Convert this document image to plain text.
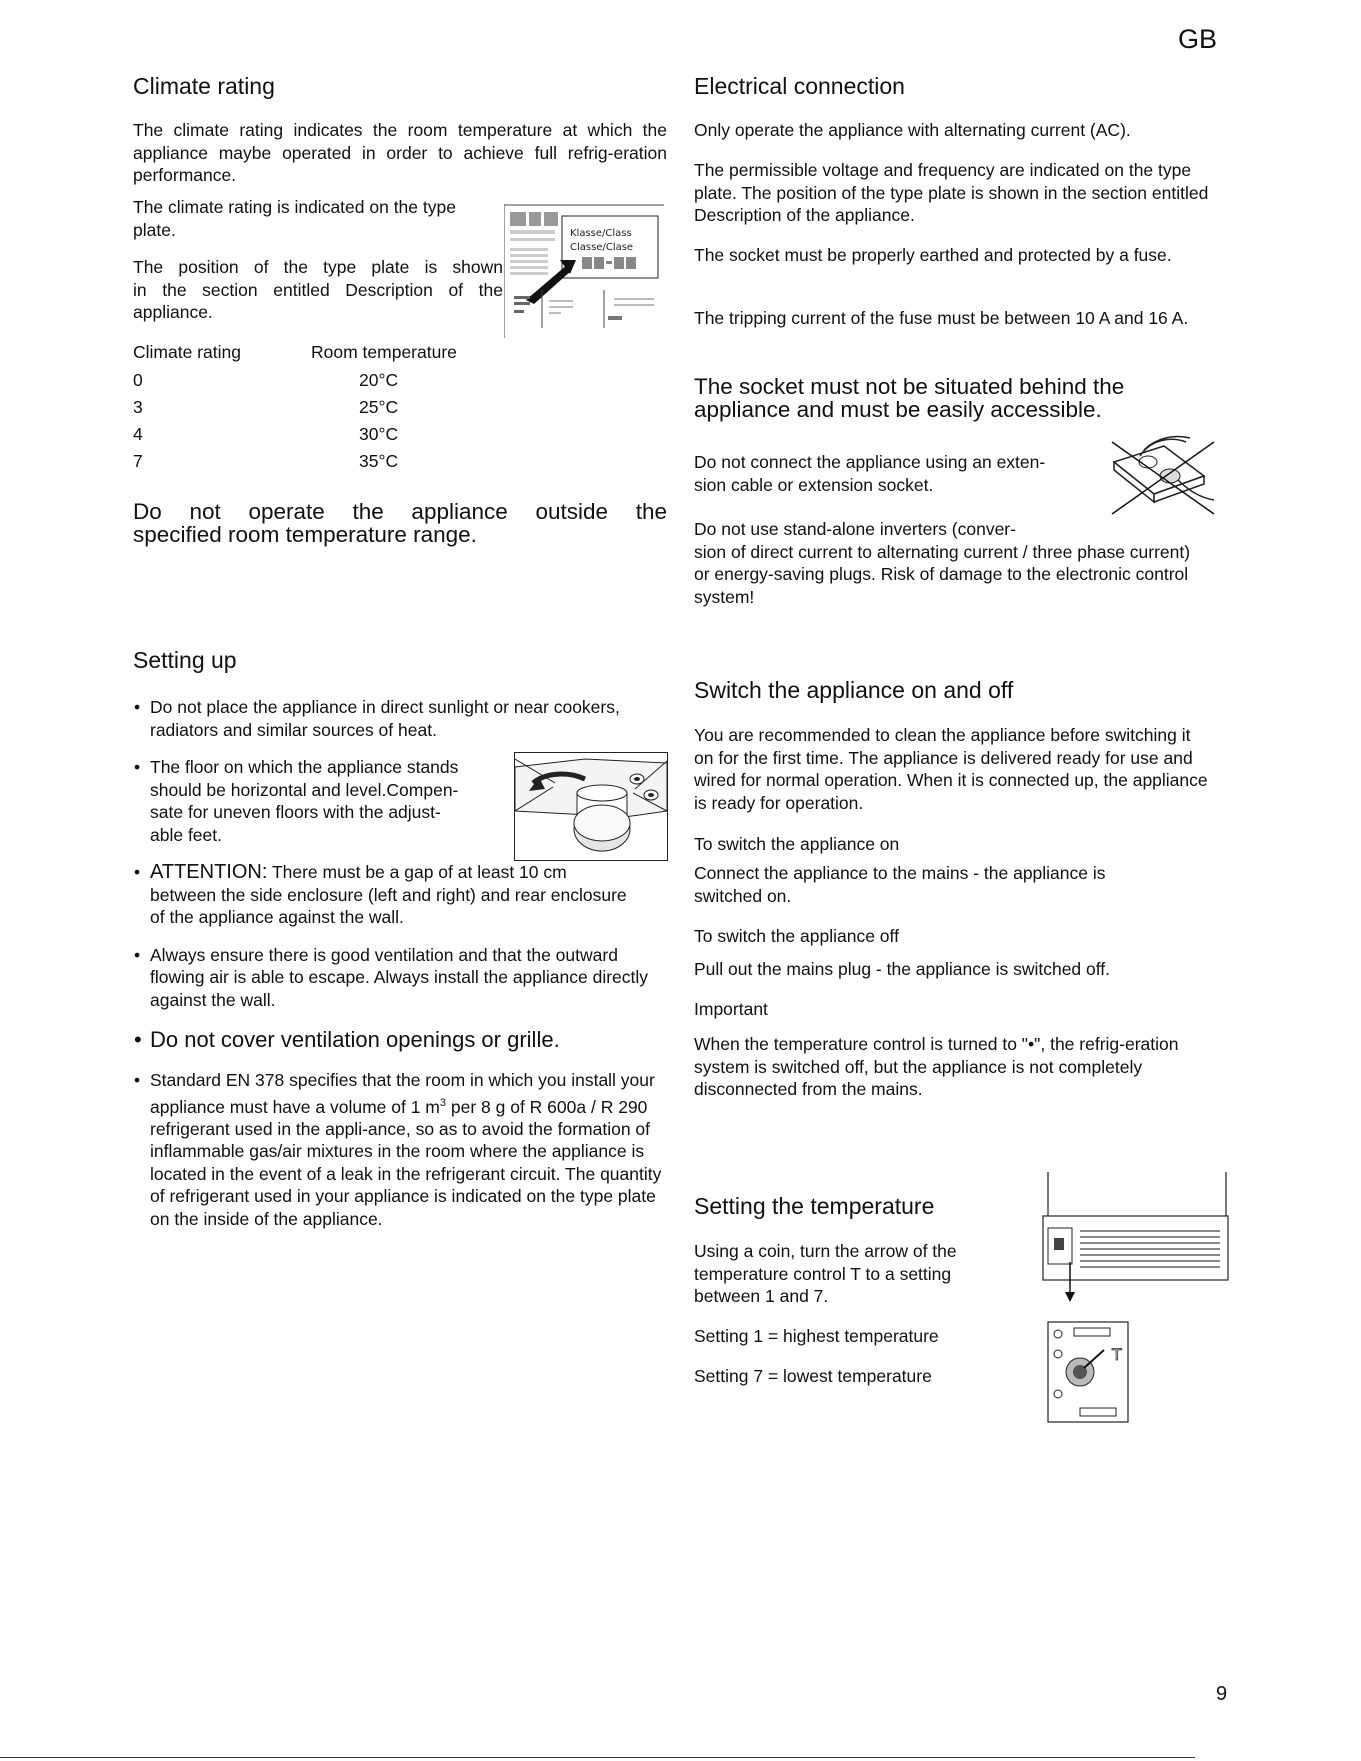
GB
9
Climate rating

The climate rating indicates the room temperature at which the appliance maybe operated in order to achieve full refrig-eration performance.

The climate rating is indicated on the type
plate.
The position of the type plate is shown
in the section entitled Description of the
appliance.
Klasse/Class
Classe/Clase
Climate rating	Room temperature
0	20°C
3	25°C
4	30°C
7	35°C
Do not operate the appliance outside the
specified room temperature range.
Electrical connection

Only operate the appliance with alternating current (AC).

The permissible voltage and frequency are indicated on the type plate. The position of the type plate is shown in the section entitled Description of the appliance.

The socket must be properly earthed and protected by a fuse.

The tripping current of the fuse must be between 10 A and 16 A.

The socket must not be situated behind the appliance and must be easily accessible.

Do not connect the appliance using an exten-
sion cable or extension socket.
Do not use stand-alone inverters (conver-
sion of direct current to alternating current / three phase current) or energy-saving plugs. Risk of damage to the electronic control system!
Setting up
• Do not place the appliance in direct sunlight or near cookers, radiators and similar sources of heat.
• The floor on which the appliance stands
should be horizontal and level.Compen-
sate for uneven floors with the adjust-
able feet.
• ATTENTION: There must be a gap of at least 10 cm between the side enclosure (left and right) and rear enclosure of the appliance against the wall.
• Always ensure there is good ventilation and that the outward flowing air is able to escape. Always install the appliance directly against the wall.
• Do not cover ventilation openings or grille.
• Standard EN 378 specifies that the room in which you install your appliance must have a volume of 1 $m^3$ per 8 g of R 600a / R 290 refrigerant used in the appli-ance, so as to avoid the formation of inflammable gas/air mixtures in the room where the appliance is located in the event of a leak in the refrigerant circuit. The quantity of refrigerant used in your appliance is indicated on the type plate on the inside of the appliance.
Switch the appliance on and off

You are recommended to clean the appliance before switching it on for the first time. The appliance is delivered ready for use and wired for normal operation. When it is connected up, the appliance is ready for operation.

To switch the appliance on

Connect the appliance to the mains - the appliance is switched on.

To switch the appliance off

Pull out the mains plug - the appliance is switched off.

Important

When the temperature control is turned to "•", the refrig-eration system is switched off, but the appliance is not completely disconnected from the mains.

Setting the temperature

Using a coin, turn the arrow of the temperature control T to a setting between 1 and 7.

Setting 1 = highest temperature

Setting 7 = lowest temperature

T
